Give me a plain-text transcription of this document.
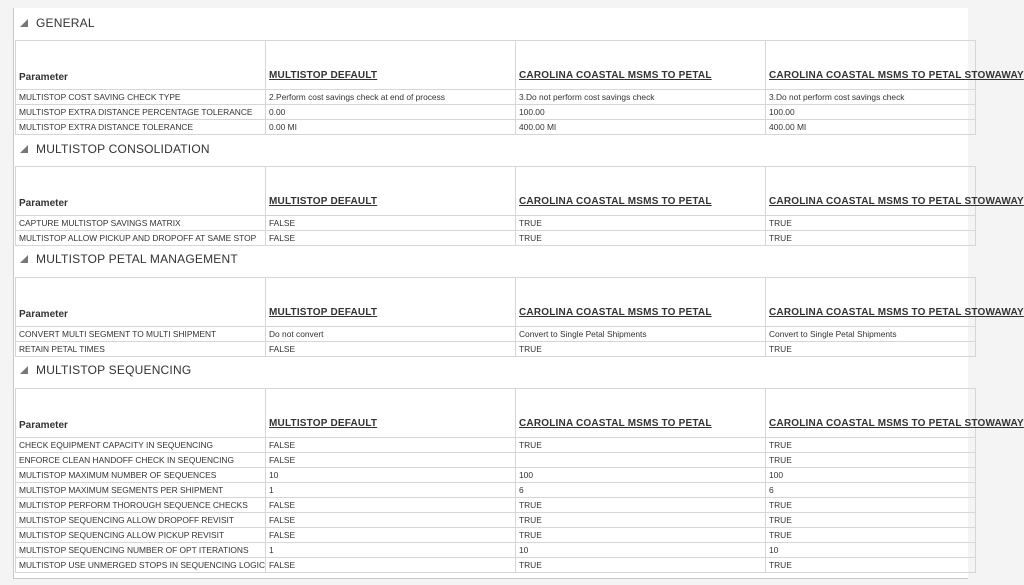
GENERAL
Parameter	MULTISTOP DEFAULT	CAROLINA COASTAL MSMS TO PETAL	CAROLINA COASTAL MSMS TO PETAL STOWAWAY
MULTISTOP COST SAVING CHECK TYPE	2.Perform cost savings check at end of process	3.Do not perform cost savings check	3.Do not perform cost savings check
MULTISTOP EXTRA DISTANCE PERCENTAGE TOLERANCE	0.00	100.00	100.00
MULTISTOP EXTRA DISTANCE TOLERANCE	0.00 MI	400.00 MI	400.00 MI
MULTISTOP CONSOLIDATION
Parameter	MULTISTOP DEFAULT	CAROLINA COASTAL MSMS TO PETAL	CAROLINA COASTAL MSMS TO PETAL STOWAWAY
CAPTURE MULTISTOP SAVINGS MATRIX	FALSE	TRUE	TRUE
MULTISTOP ALLOW PICKUP AND DROPOFF AT SAME STOP	FALSE	TRUE	TRUE
MULTISTOP PETAL MANAGEMENT
Parameter	MULTISTOP DEFAULT	CAROLINA COASTAL MSMS TO PETAL	CAROLINA COASTAL MSMS TO PETAL STOWAWAY
CONVERT MULTI SEGMENT TO MULTI SHIPMENT	Do not convert	Convert to Single Petal Shipments	Convert to Single Petal Shipments
RETAIN PETAL TIMES	FALSE	TRUE	TRUE
MULTISTOP SEQUENCING
Parameter	MULTISTOP DEFAULT	CAROLINA COASTAL MSMS TO PETAL	CAROLINA COASTAL MSMS TO PETAL STOWAWAY
CHECK EQUIPMENT CAPACITY IN SEQUENCING	FALSE	TRUE	TRUE
ENFORCE CLEAN HANDOFF CHECK IN SEQUENCING	FALSE		TRUE
MULTISTOP MAXIMUM NUMBER OF SEQUENCES	10	100	100
MULTISTOP MAXIMUM SEGMENTS PER SHIPMENT	1	6	6
MULTISTOP PERFORM THOROUGH SEQUENCE CHECKS	FALSE	TRUE	TRUE
MULTISTOP SEQUENCING ALLOW DROPOFF REVISIT	FALSE	TRUE	TRUE
MULTISTOP SEQUENCING ALLOW PICKUP REVISIT	FALSE	TRUE	TRUE
MULTISTOP SEQUENCING NUMBER OF OPT ITERATIONS	1	10	10
MULTISTOP USE UNMERGED STOPS IN SEQUENCING LOGIC	FALSE	TRUE	TRUE
